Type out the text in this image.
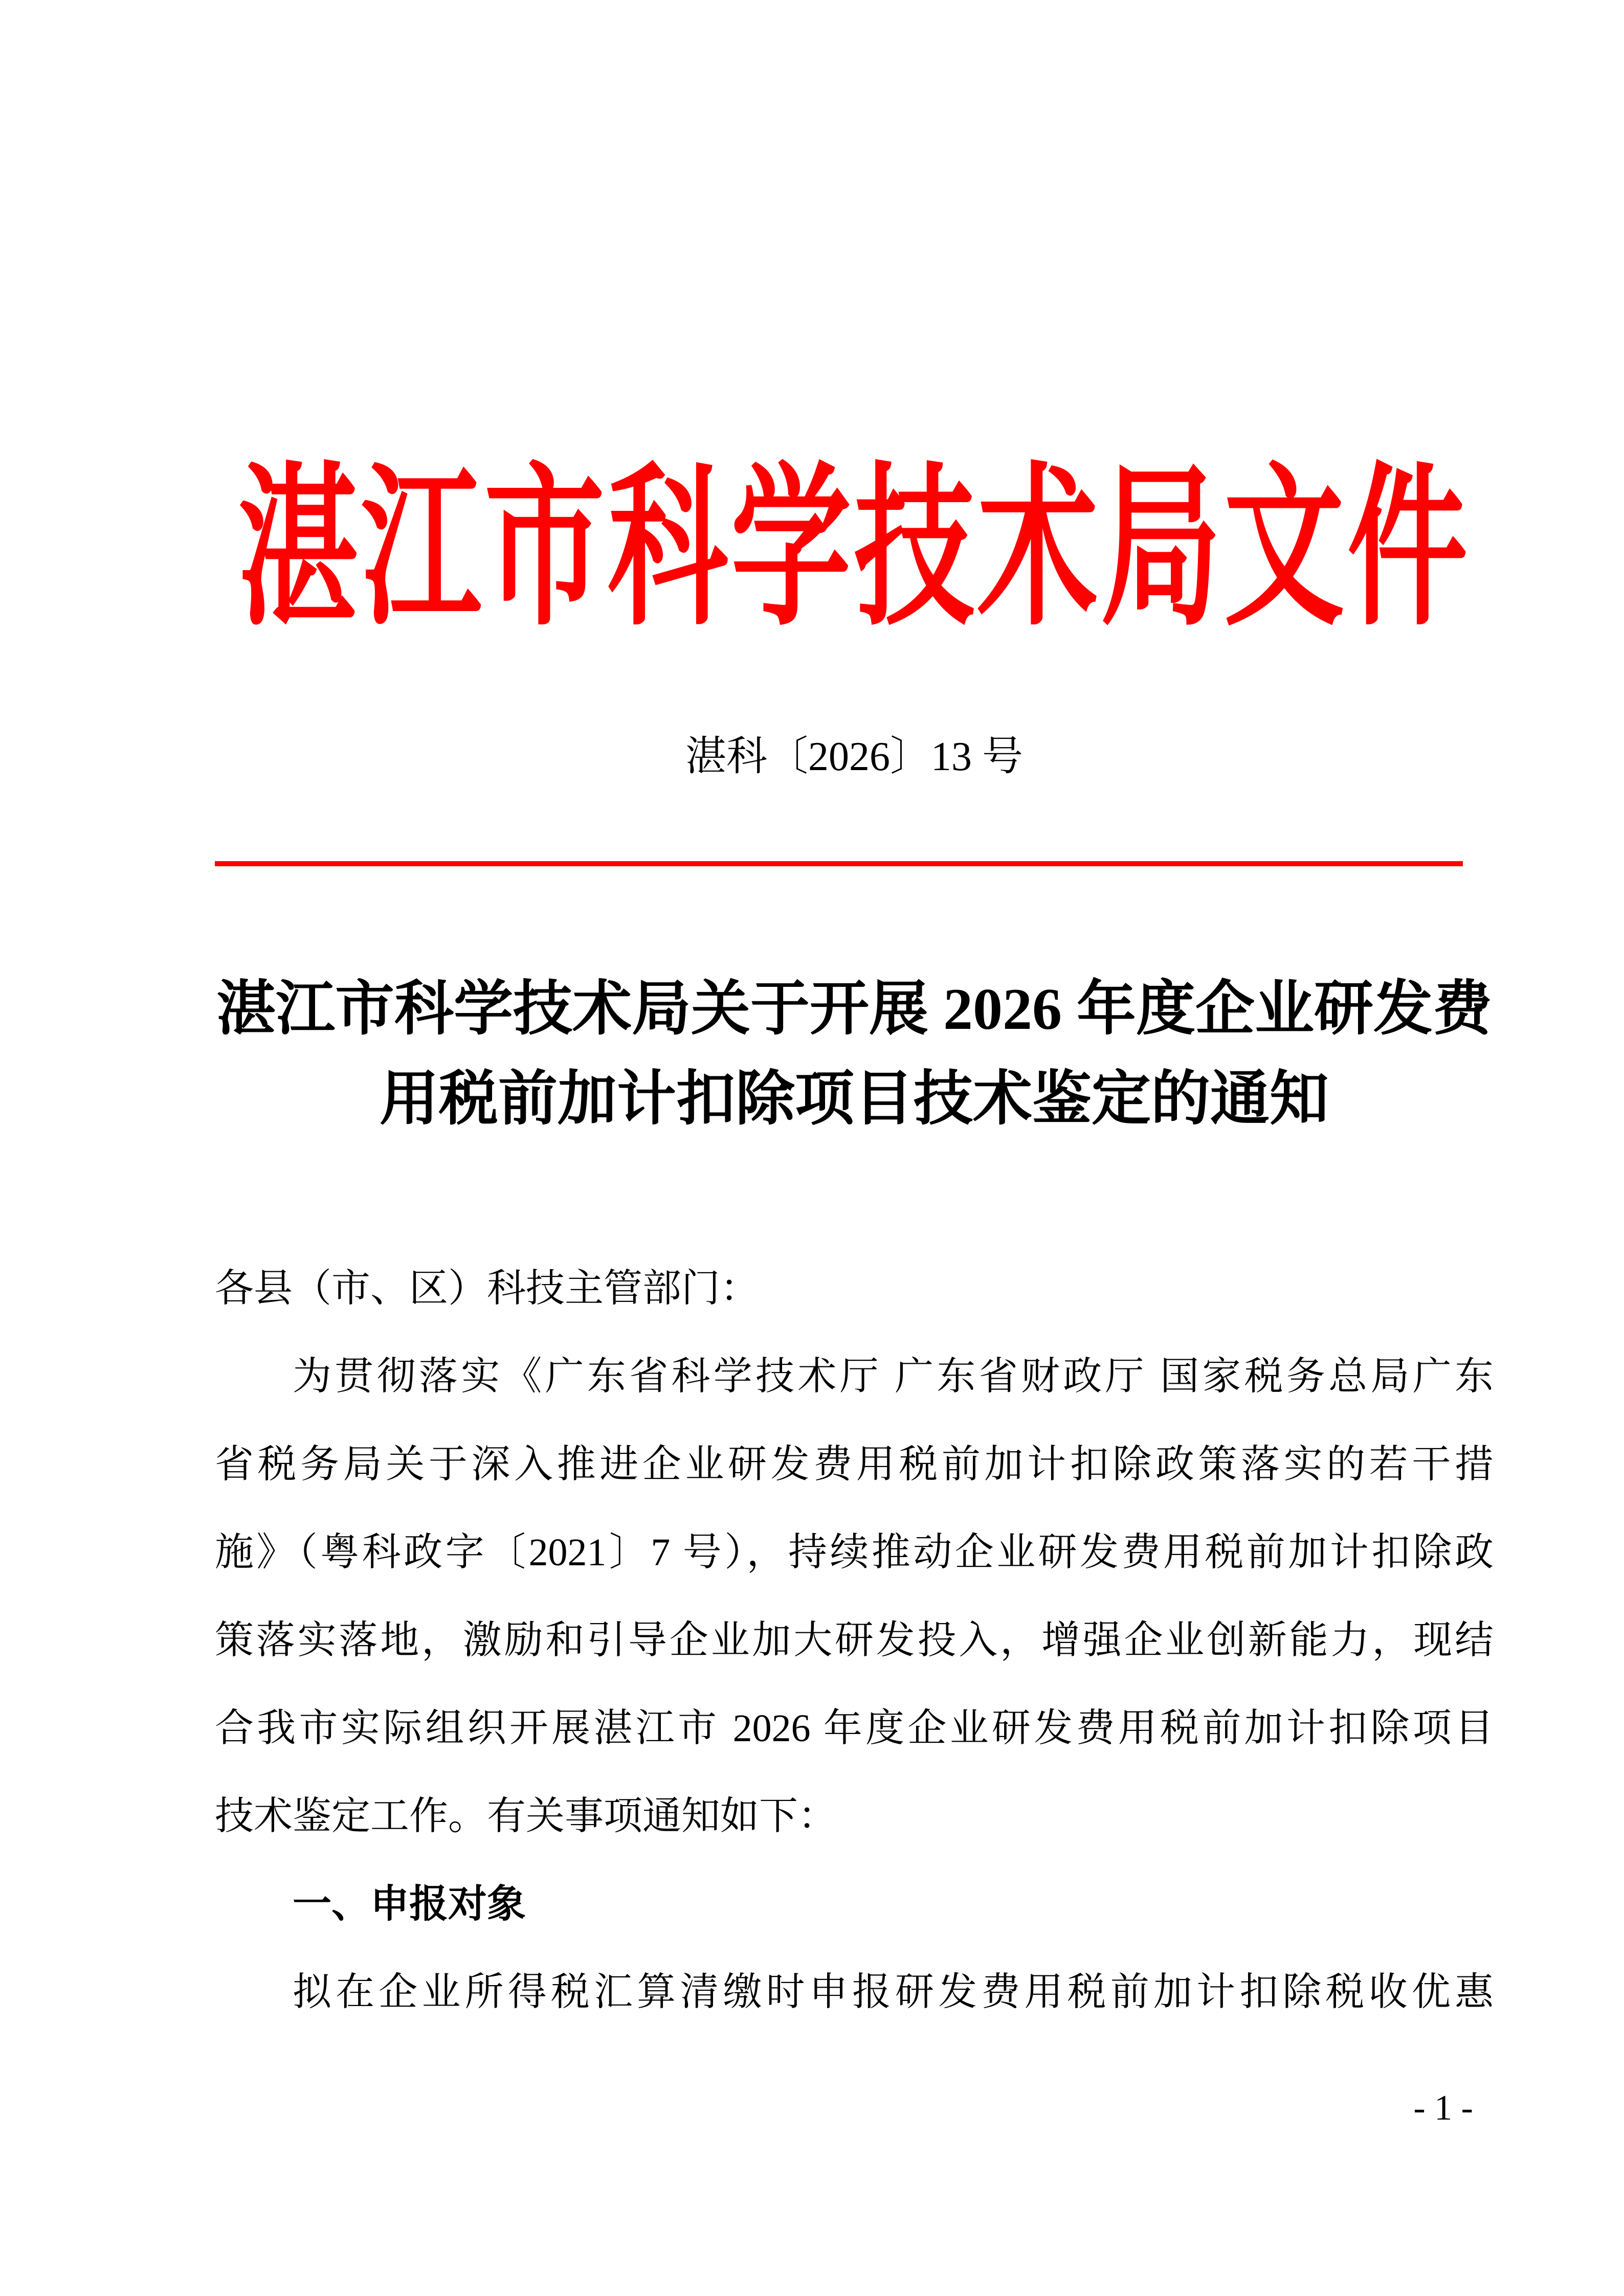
湛江市科学技术局文件
湛科〔2026〕13 号
湛江市科学技术局关于开展 2026 年度企业研发费
用税前加计扣除项目技术鉴定的通知
各县（市、区）科技主管部门：
为贯彻落实《广东省科学技术厅 广东省财政厅 国家税务总局广东
省税务局关于深入推进企业研发费用税前加计扣除政策落实的若干措
施》（粤科政字〔2021〕7 号），持续推动企业研发费用税前加计扣除政
策落实落地，激励和引导企业加大研发投入，增强企业创新能力，现结
合我市实际组织开展湛江市 2026 年度企业研发费用税前加计扣除项目
技术鉴定工作。有关事项通知如下：
一、申报对象
拟在企业所得税汇算清缴时申报研发费用税前加计扣除税收优惠
- 1 -
